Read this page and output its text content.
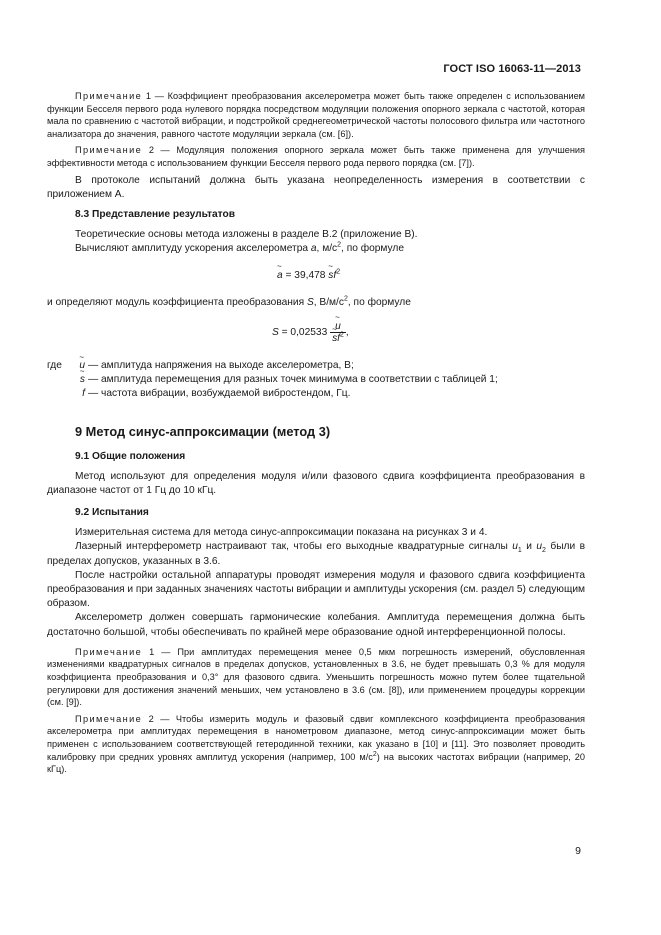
ГОСТ ISO 16063-11—2013

Примечание 1 — Коэффициент преобразования акселерометра может быть также определен с использованием функции Бесселя первого рода нулевого порядка посредством модуляции положения опорного зеркала с частотой, которая мала по сравнению с частотой вибрации, и подстройкой среднегеометрической частоты полосового фильтра или частотного анализатора до значения, равного частоте модуляции зеркала (см. [6]).

Примечание 2 — Модуляция положения опорного зеркала может быть также применена для улучшения эффективности метода с использованием функции Бесселя первого рода первого порядка (см. [7]).

В протоколе испытаний должна быть указана неопределенность измерения в соответствии с приложением А.

8.3 Представление результатов

Теоретические основы метода изложены в разделе В.2 (приложение В).

Вычисляют амплитуду ускорения акселерометра a, $м/с^2$, по формуле

~ a = 39,478 ~ $sf^2$

и определяют модуль коэффициента преобразования S, $В/м/с^2$, по формуле

S = 0,02533 ~ u
~ $sf^2$ ,
где	~ u — амплитуда напряжения на выходе акселерометра, В;
~ s — амплитуда перемещения для разных точек минимума в соответствии с таблицей 1;
f — частота вибрации, возбуждаемой вибростендом, Гц.
9 Метод синус-аппроксимации (метод 3)
9.1 Общие положения

Метод используют для определения модуля и/или фазового сдвига коэффициента преобразования в диапазоне частот от 1 Гц до 10 кГц.

9.2 Испытания

Измерительная система для метода синус-аппроксимации показана на рисунках 3 и 4.

Лазерный интерферометр настраивают так, чтобы его выходные квадратурные сигналы $u_1$ и $u_2$ были в пределах допусков, указанных в 3.6.

После настройки остальной аппаратуры проводят измерения модуля и фазового сдвига коэффициента преобразования и при заданных значениях частоты вибрации и амплитуды ускорения (см. раздел 5) следующим образом.

Акселерометр должен совершать гармонические колебания. Амплитуда перемещения должна быть достаточно большой, чтобы обеспечивать по крайней мере образование одной интерференционной полосы.

Примечание 1 — При амплитудах перемещения менее 0,5 мкм погрешность измерений, обусловленная изменениями квадратурных сигналов в пределах допусков, установленных в 3.6, не будет превышать 0,3 % для модуля коэффициента преобразования и 0,3° для фазового сдвига. Уменьшить погрешность можно путем более тщательной регулировки для достижения значений меньших, чем установлено в 3.6 (см. [8]), или применением процедуры коррекции (см. [9]).

Примечание 2 — Чтобы измерить модуль и фазовый сдвиг комплексного коэффициента преобразования акселерометра при амплитудах перемещения в нанометровом диапазоне, метод синус-аппроксимации может быть применен с использованием соответствующей гетеродинной техники, как указано в [10] и [11]. Это позволяет проводить калибровку при средних уровнях амплитуд ускорения (например, 100 $м/с^2$) на высоких частотах вибрации (например, 20 кГц).

9
